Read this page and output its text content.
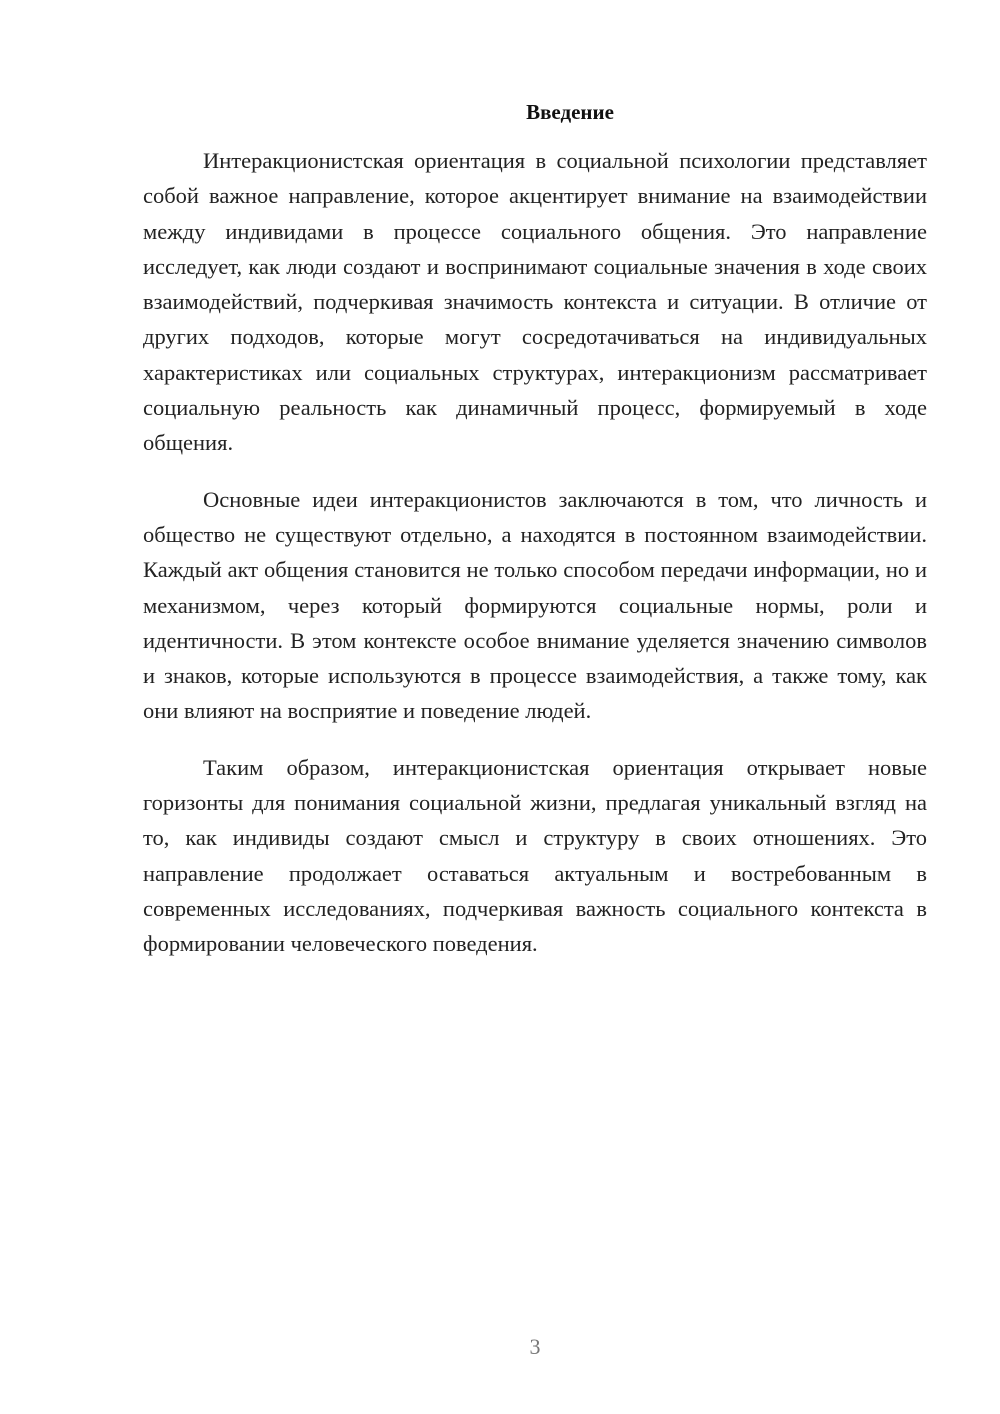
Введение

Интеракционистская ориентация в социальной психологии представляет собой важное направление, которое акцентирует внимание на взаимодействии между индивидами в процессе социального общения. Это направление исследует, как люди создают и воспринимают социальные значения в ходе своих взаимодействий, подчеркивая значимость контекста и ситуации. В отличие от других подходов, которые могут сосредотачиваться на индивидуальных характеристиках или социальных структурах, интеракционизм рассматривает социальную реальность как динамичный процесс, формируемый в ходе общения.

Основные идеи интеракционистов заключаются в том, что личность и общество не существуют отдельно, а находятся в постоянном взаимодействии. Каждый акт общения становится не только способом передачи информации, но и механизмом, через который формируются социальные нормы, роли и идентичности. В этом контексте особое внимание уделяется значению символов и знаков, которые используются в процессе взаимодействия, а также тому, как они влияют на восприятие и поведение людей.

Таким образом, интеракционистская ориентация открывает новые горизонты для понимания социальной жизни, предлагая уникальный взгляд на то, как индивиды создают смысл и структуру в своих отношениях. Это направление продолжает оставаться актуальным и востребованным в современных исследованиях, подчеркивая важность социального контекста в формировании человеческого поведения.

3
